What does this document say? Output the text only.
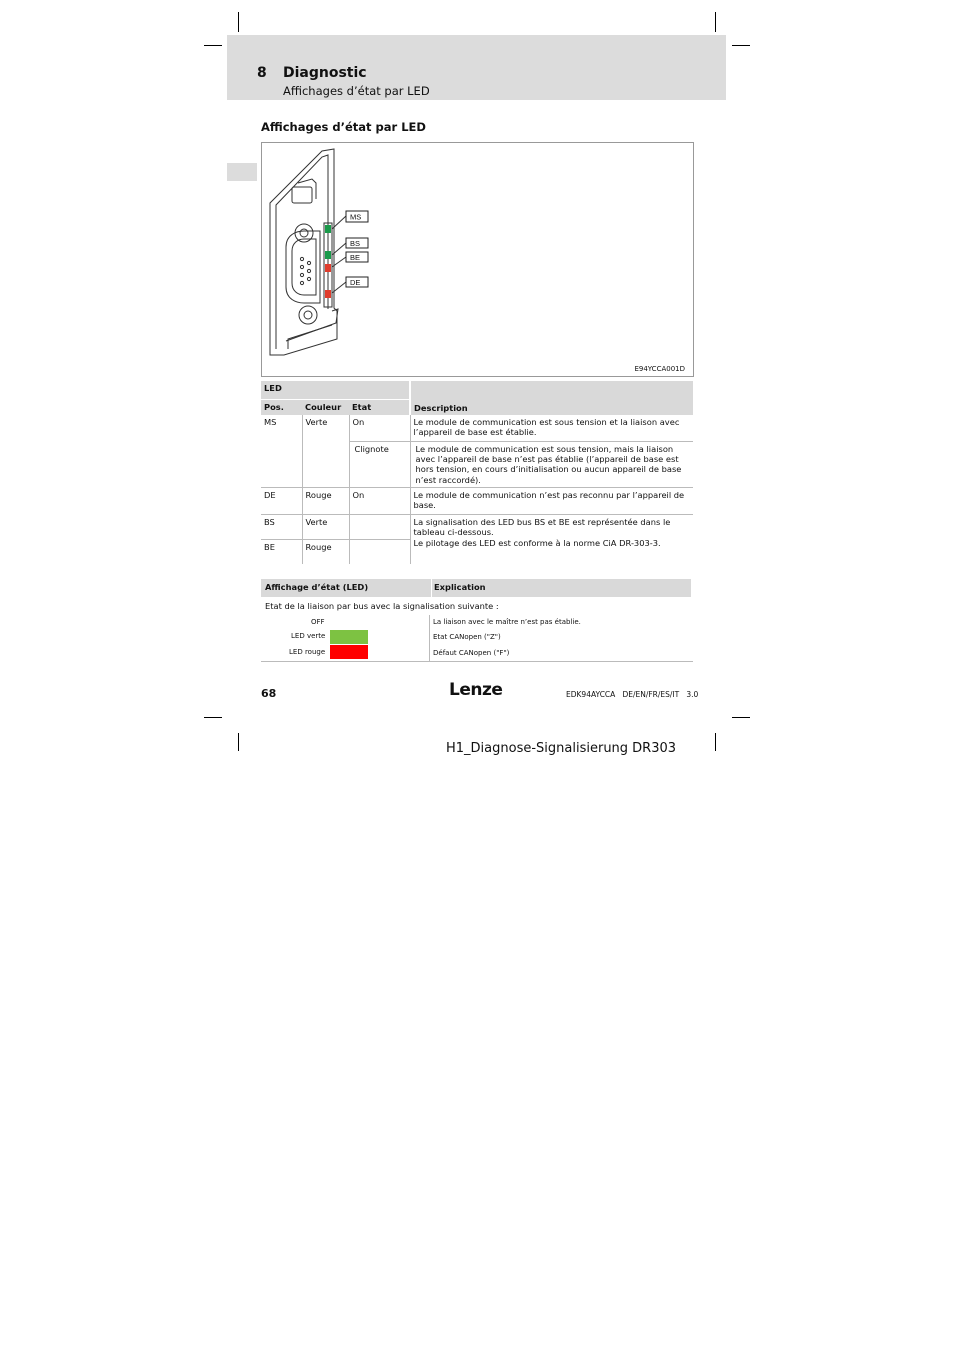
8 Diagnostic
Affichages d’état par LED
Affichages d’état par LED
MS
BS
BE
DE
E94YCCA001D
LED			Description
Pos.	Couleur	Etat	
MS	Verte	On	Le module de communication est sous tension et la liaison avec l’appareil de base est établie.
		Clignote	Le module de communication est sous tension, mais la liaison avec l’appareil de base n’est pas établie (l’appareil de base est hors tension, en cours d’initialisation ou aucun appareil de base n’est raccordé).
DE	Rouge	On	Le module de communication n’est pas reconnu par l’appareil de base.
BS	Verte		La signalisation des LED bus BS et BE est représentée dans le tableau ci-dessous.
Le pilotage des LED est conforme à la norme CiA DR-303-3.

BE	Rouge		
Affichage d’état (LED)	Explication
Etat de la liaison par bus avec la signalisation suivante :
OFF	La liaison avec le maître n’est pas établie.
LED verte	Etat CANopen ("Z")
LED rouge	Défaut CANopen ("F")
68	Lenze	EDK94AYCCA   DE/EN/FR/ES/IT   3.0
H1_Diagnose-Signalisierung DR303
